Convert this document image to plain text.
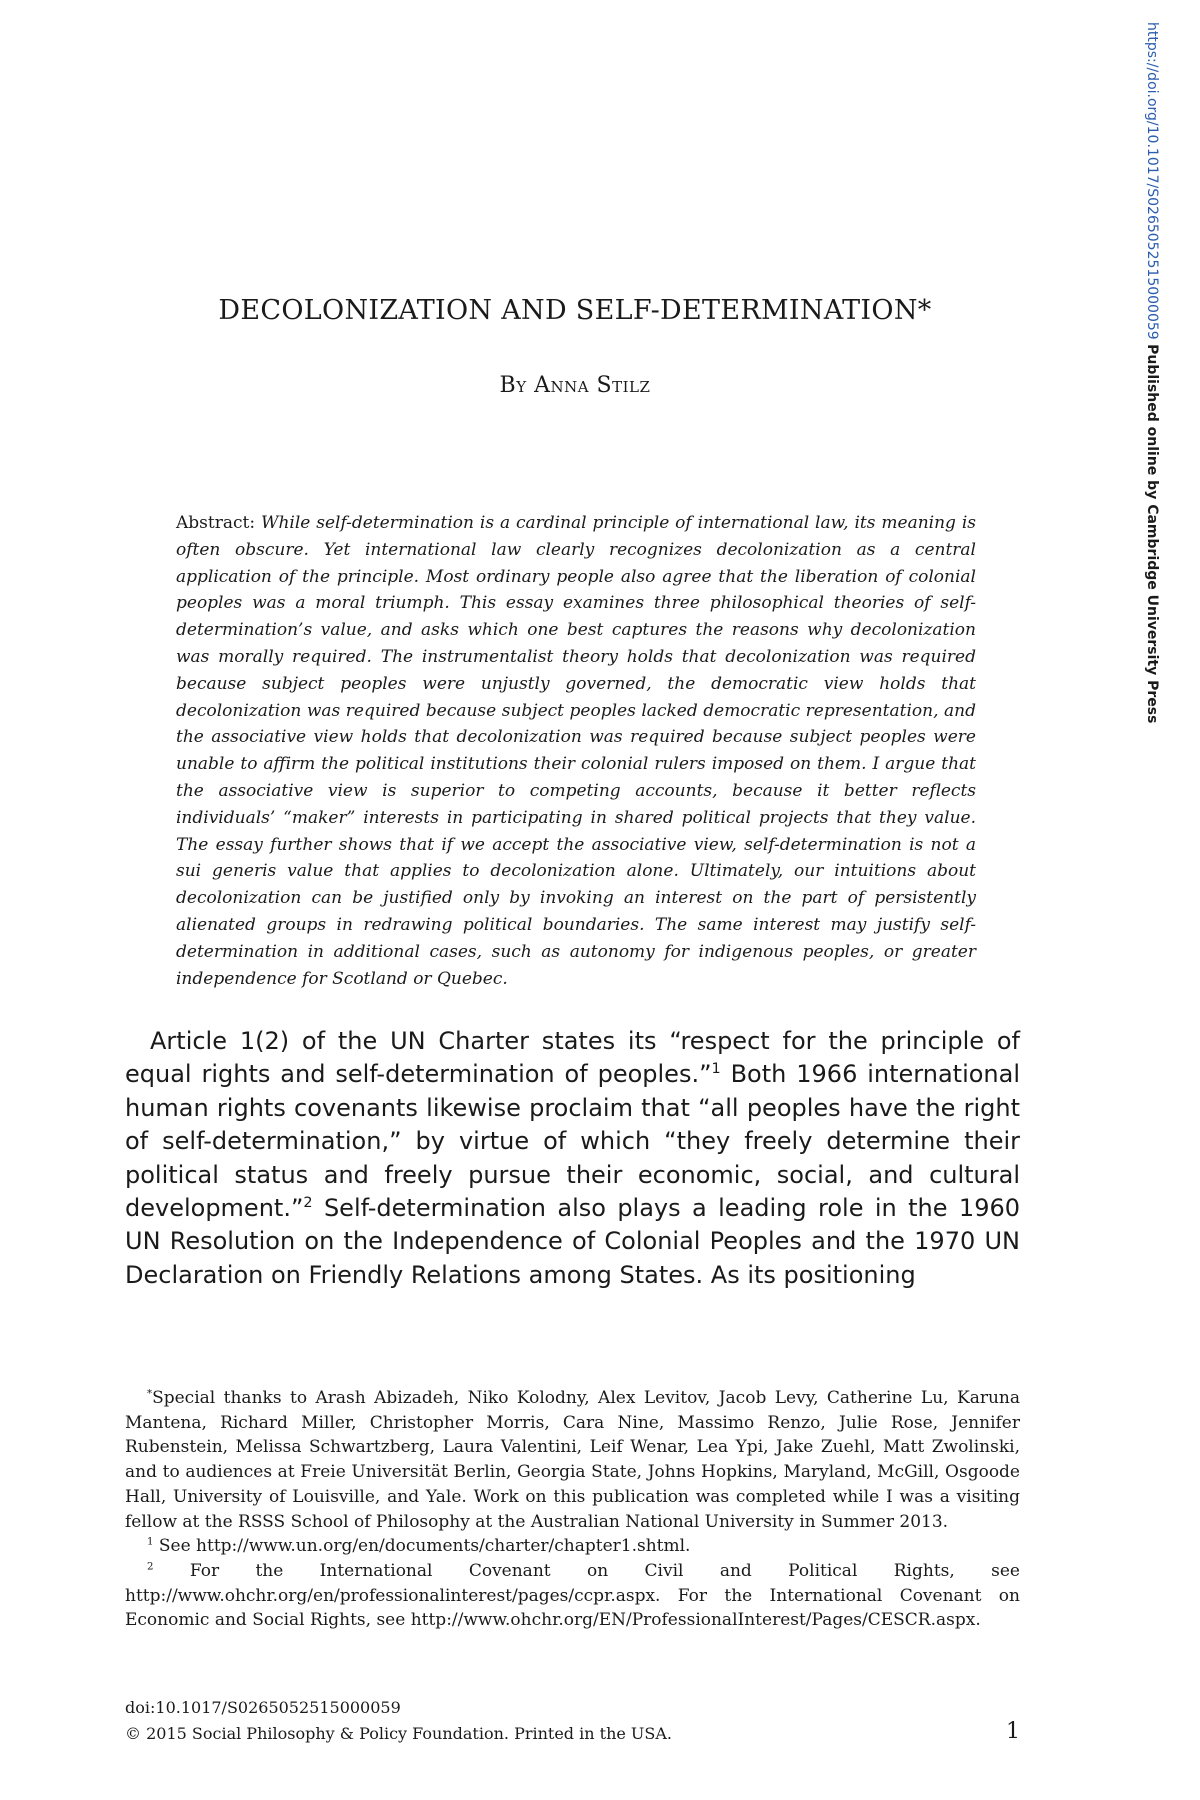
https://doi.org/10.1017/S0265052515000059 Published online by Cambridge University Press
DECOLONIZATION AND SELF-DETERMINATION*
By Anna Stilz
Abstract: While self-determination is a cardinal principle of international law, its meaning is often obscure. Yet international law clearly recognizes decolonization as a central application of the principle. Most ordinary people also agree that the liberation of colonial peoples was a moral triumph. This essay examines three philosophical theories of self-determination’s value, and asks which one best captures the reasons why decolonization was morally required. The instrumentalist theory holds that decolonization was required because subject peoples were unjustly governed, the democratic view holds that decolonization was required because subject peoples lacked democratic representation, and the associative view holds that decolonization was required because subject peoples were unable to affirm the political institutions their colonial rulers imposed on them. I argue that the associative view is superior to competing accounts, because it better reflects individuals’ “maker” interests in participating in shared political projects that they value. The essay further shows that if we accept the associative view, self-determination is not a sui generis value that applies to decolonization alone. Ultimately, our intuitions about decolonization can be justified only by invoking an interest on the part of persistently alienated groups in redrawing political boundaries. The same interest may justify self-determination in additional cases, such as autonomy for indigenous peoples, or greater independence for Scotland or Quebec.
Article 1(2) of the UN Charter states its “respect for the principle of equal rights and self-determination of peoples.”$^1$ Both 1966 international human rights covenants likewise proclaim that “all peoples have the right of self-determination,” by virtue of which “they freely determine their political status and freely pursue their economic, social, and cultural development.”$^2$ Self-determination also plays a leading role in the 1960 UN Resolution on the Independence of Colonial Peoples and the 1970 UN Declaration on Friendly Relations among States. As its positioning

*Special thanks to Arash Abizadeh, Niko Kolodny, Alex Levitov, Jacob Levy, Catherine Lu, Karuna Mantena, Richard Miller, Christopher Morris, Cara Nine, Massimo Renzo, Julie Rose, Jennifer Rubenstein, Melissa Schwartzberg, Laura Valentini, Leif Wenar, Lea Ypi, Jake Zuehl, Matt Zwolinski, and to audiences at Freie Universität Berlin, Georgia State, Johns Hopkins, Maryland, McGill, Osgoode Hall, University of Louisville, and Yale. Work on this publication was completed while I was a visiting fellow at the RSSS School of Philosophy at the Australian National University in Summer 2013.

$^1$ See http://www.un.org/en/documents/charter/chapter1.shtml.

$^2$ For the International Covenant on Civil and Political Rights, see http://www.ohchr.org/en/professionalinterest/pages/ccpr.aspx. For the International Covenant on Economic and Social Rights, see http://www.ohchr.org/EN/ProfessionalInterest/Pages/CESCR.aspx.

doi:10.1017/S0265052515000059
© 2015 Social Philosophy & Policy Foundation. Printed in the USA.	1
